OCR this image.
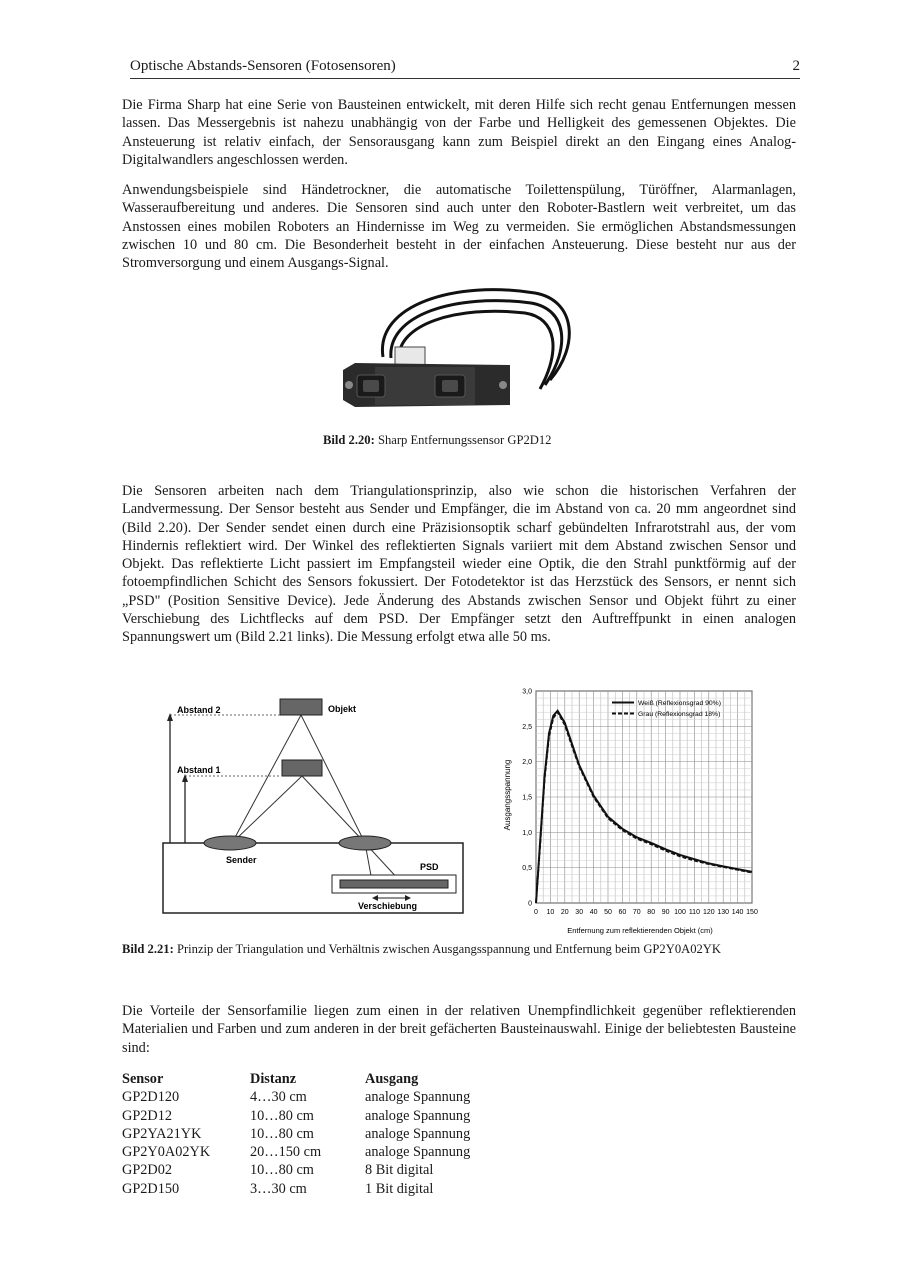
Optische Abstands-Sensoren (Fotosensoren)	2

Die Firma Sharp hat eine Serie von Bausteinen entwickelt, mit deren Hilfe sich recht genau Entfernungen messen lassen. Das Messergebnis ist nahezu unabhängig von der Farbe und Helligkeit des gemessenen Objektes. Die Ansteuerung ist relativ einfach, der Sensorausgang kann zum Beispiel direkt an den Eingang eines Analog-Digitalwandlers angeschlossen werden.

Anwendungsbeispiele sind Händetrockner, die automatische Toilettenspülung, Türöffner, Alarmanlagen, Wasseraufbereitung und anderes. Die Sensoren sind auch unter den Roboter-Bastlern weit verbreitet, um das Anstossen eines mobilen Roboters an Hindernisse im Weg zu vermeiden. Sie ermöglichen Abstandsmessungen zwischen 10 und 80 cm. Die Besonderheit besteht in der einfachen Ansteuerung. Diese besteht nur aus der Stromversorgung und einem Ausgangs-Signal.

Bild 2.20: Sharp Entfernungssensor GP2D12

Die Sensoren arbeiten nach dem Triangulationsprinzip, also wie schon die historischen Verfahren der Landvermessung. Der Sensor besteht aus Sender und Empfänger, die im Abstand von ca. 20 mm angeordnet sind (Bild 2.20). Der Sender sendet einen durch eine Präzisionsoptik scharf gebündelten Infrarotstrahl aus, der vom Hindernis reflektiert wird. Der Winkel des reflektierten Signals variiert mit dem Abstand zwischen Sensor und Objekt. Das reflektierte Licht passiert im Empfangsteil wieder eine Optik, die den Strahl punktförmig auf der fotoempfindlichen Schicht des Sensors fokussiert. Der Fotodetektor ist das Herzstück des Sensors, er nennt sich „PSD" (Position Sensitive Device). Jede Änderung des Abstands zwischen Sensor und Objekt führt zu einer Verschiebung des Lichtflecks auf dem PSD. Der Empfänger setzt den Auftreffpunkt in einen analogen Spannungswert um (Bild 2.21 links). Die Messung erfolgt etwa alle 50 ms.

Abstand 2
Abstand 1
Objekt
Sender
PSD
Verschiebung
0 10 20 30 40 50 60 70 80 90 100 110 120 130 140 150
0
0,5
1,0
1,5
2,0
2,5
3,0
Weiß (Reflexionsgrad 90%)
Grau (Reflexionsgrad 18%)
Ausgangsspannung
Entfernung zum reflektierenden Objekt (cm)

Bild 2.21: Prinzip der Triangulation und Verhältnis zwischen Ausgangsspannung und Entfernung beim GP2Y0A02YK

Die Vorteile der Sensorfamilie liegen zum einen in der relativen Unempfindlichkeit gegenüber reflektierenden Materialien und Farben und zum anderen in der breit gefächerten Bausteinauswahl. Einige der beliebtesten Bausteine sind:

Sensor	Distanz	Ausgang
GP2D120	4…30 cm	analoge Spannung
GP2D12	10…80 cm	analoge Spannung
GP2YA21YK	10…80 cm	analoge Spannung
GP2Y0A02YK	20…150 cm	analoge Spannung
GP2D02	10…80 cm	8 Bit digital
GP2D150	3…30 cm	1 Bit digital
